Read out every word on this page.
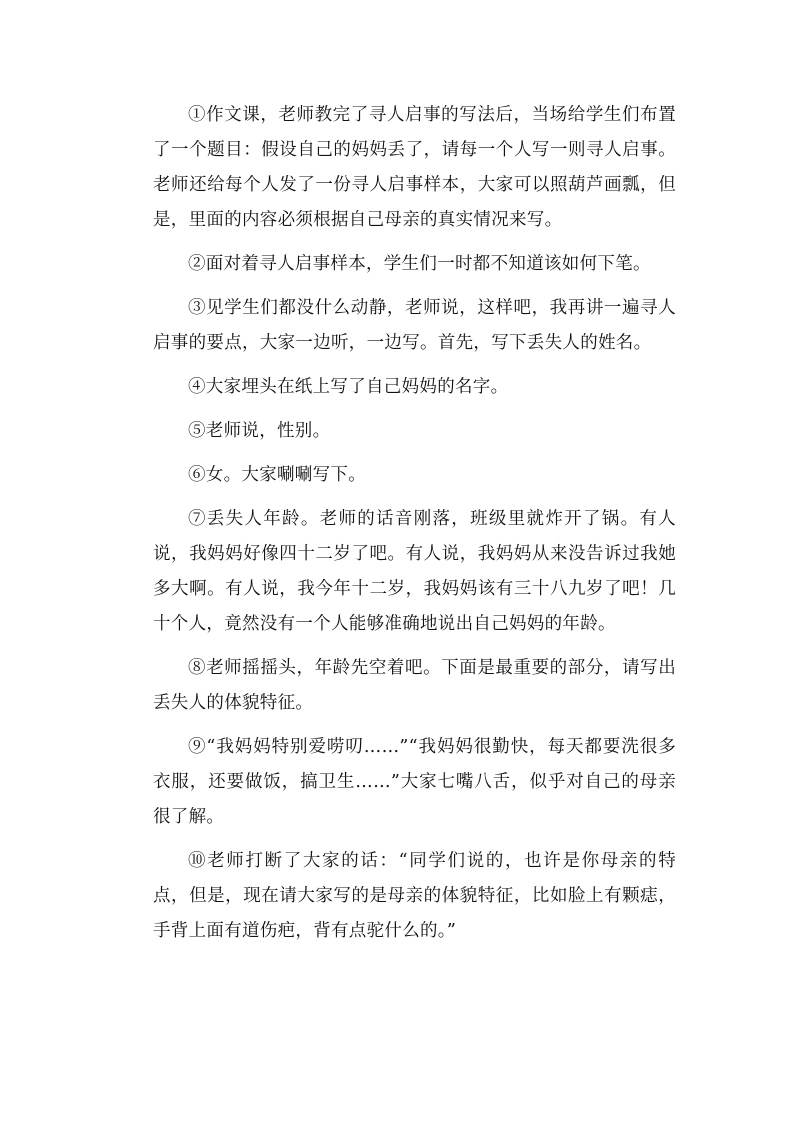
①作文课，老师教完了寻人启事的写法后，当场给学生们布置了一个题目：假设自己的妈妈丢了，请每一个人写一则寻人启事。老师还给每个人发了一份寻人启事样本，大家可以照葫芦画瓢，但是，里面的内容必须根据自己母亲的真实情况来写。

②面对着寻人启事样本，学生们一时都不知道该如何下笔。

③见学生们都没什么动静，老师说，这样吧，我再讲一遍寻人启事的要点，大家一边听，一边写。首先，写下丢失人的姓名。

④大家埋头在纸上写了自己妈妈的名字。

⑤老师说，性别。

⑥女。大家唰唰写下。

⑦丢失人年龄。老师的话音刚落，班级里就炸开了锅。有人说，我妈妈好像四十二岁了吧。有人说，我妈妈从来没告诉过我她多大啊。有人说，我今年十二岁，我妈妈该有三十八九岁了吧！几十个人，竟然没有一个人能够准确地说出自己妈妈的年龄。

⑧老师摇摇头，年龄先空着吧。下面是最重要的部分，请写出丢失人的体貌特征。

⑨“我妈妈特别爱唠叨……”“我妈妈很勤快，每天都要洗很多衣服，还要做饭，搞卫生……”大家七嘴八舌，似乎对自己的母亲很了解。

⑩老师打断了大家的话：“同学们说的，也许是你母亲的特点，但是，现在请大家写的是母亲的体貌特征，比如脸上有颗痣，手背上面有道伤疤，背有点驼什么的。”
